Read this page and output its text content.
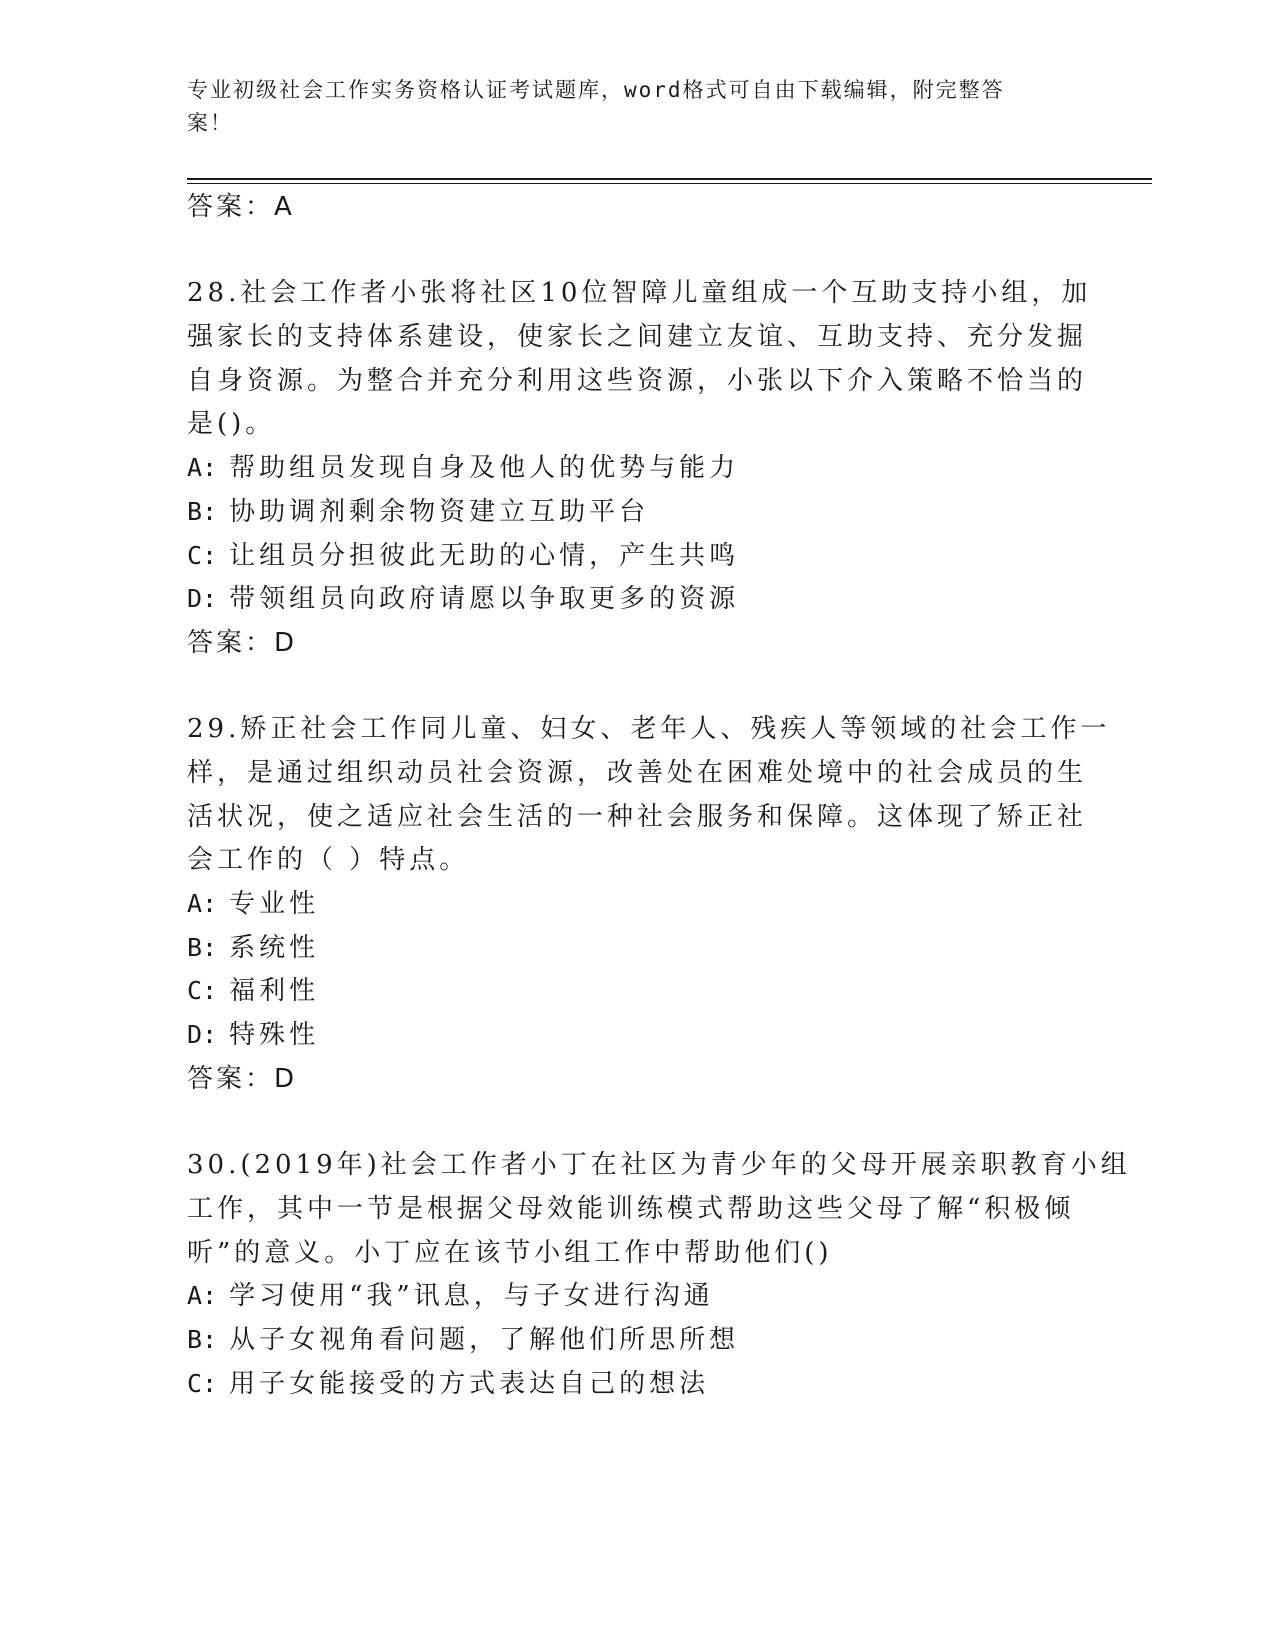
专业初级社会工作实务资格认证考试题库，word格式可自由下载编辑，附完整答
案！
答案：A
28.社会工作者小张将社区10位智障儿童组成一个互助支持小组，加
强家长的支持体系建设，使家长之间建立友谊、互助支持、充分发掘
自身资源。为整合并充分利用这些资源，小张以下介入策略不恰当的
是()。
A: 帮助组员发现自身及他人的优势与能力
B: 协助调剂剩余物资建立互助平台
C: 让组员分担彼此无助的心情，产生共鸣
D: 带领组员向政府请愿以争取更多的资源
答案：D
29.矫正社会工作同儿童、妇女、老年人、残疾人等领域的社会工作一
样，是通过组织动员社会资源，改善处在困难处境中的社会成员的生
活状况，使之适应社会生活的一种社会服务和保障。这体现了矫正社
会工作的（ ）特点。
A: 专业性
B: 系统性
C: 福利性
D: 特殊性
答案：D
30.(2019年)社会工作者小丁在社区为青少年的父母开展亲职教育小组
工作，其中一节是根据父母效能训练模式帮助这些父母了解“积极倾
听”的意义。小丁应在该节小组工作中帮助他们()
A: 学习使用“我”讯息，与子女进行沟通
B: 从子女视角看问题，了解他们所思所想
C: 用子女能接受的方式表达自己的想法
